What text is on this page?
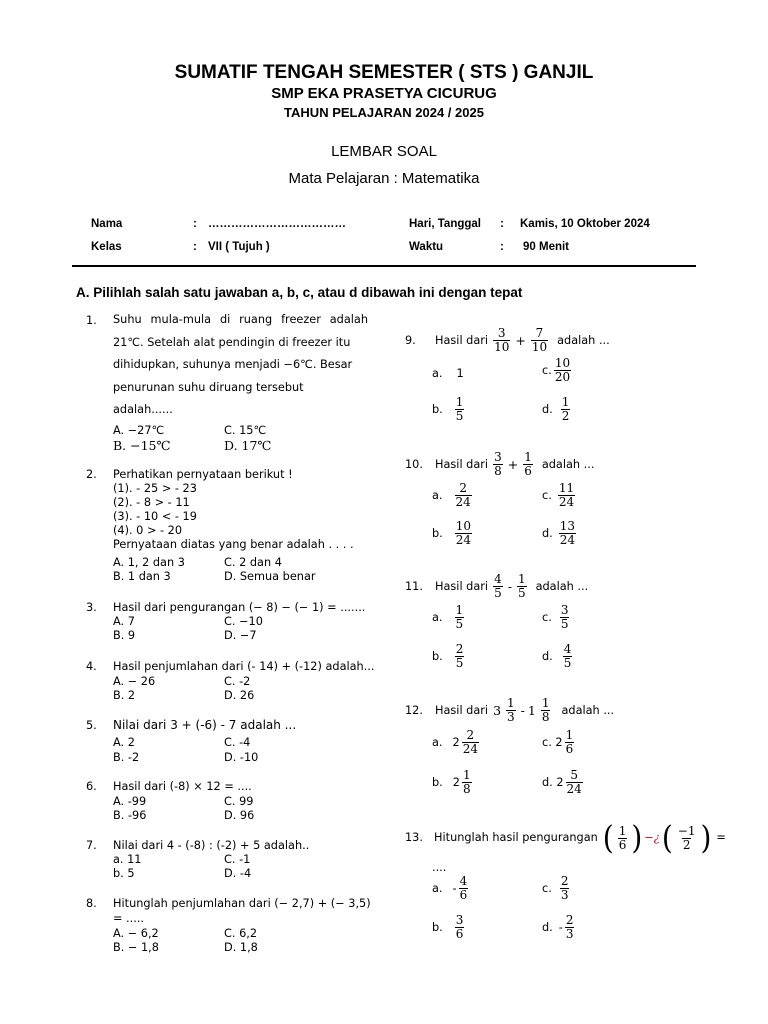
SUMATIF TENGAH SEMESTER ( STS ) GANJIL
SMP EKA PRASETYA CICURUG
TAHUN PELAJARAN 2024 / 2025
LEMBAR SOAL
Mata Pelajaran : Matematika
Nama	: ………………………………
Kelas	: VII ( Tujuh )
Hari, Tanggal : Kamis, 10 Oktober 2024
Waktu	: 90 Menit
A. Pilihlah salah satu jawaban a, b, c, atau d dibawah ini dengan tepat
1. Suhu mula-mula di ruang freezer adalah
21℃. Setelah alat pendingin di freezer itu
dihidupkan, suhunya menjadi −6℃. Besar
penurunan suhu diruang tersebut
adalah......
A. −27℃	C. 15℃
B. −15℃	D. 17℃
2. Perhatikan pernyataan berikut !
(1). - 25 > - 23
(2). - 8 > - 11
(3). - 10 < - 19
(4). 0 > - 20
Pernyataan diatas yang benar adalah . . . .
A. 1, 2 dan 3	C. 2 dan 4
B. 1 dan 3	D. Semua benar
3. Hasil dari pengurangan (− 8) − (− 1) = .......
A. 7	C. −10
B. 9	D. −7
4. Hasil penjumlahan dari (- 14) + (-12) adalah...
A. − 26	C. -2
B. 2	D. 26
5. Nilai dari 3 + (-6) - 7 adalah ...
A. 2	C. -4
B. -2	D. -10
6. Hasil dari (-8) × 12 = ....
A. -99	C. 99
B. -96	D. 96
7. Nilai dari 4 - (-8) : (-2) + 5 adalah..
a. 11	C. -1
b. 5	D. -4
8. Hitunglah penjumlahan dari (− 2,7) + (− 3,5)
= .....
A. − 6,2	C. 6,2
B. − 1,8	D. 1,8
9.	Hasil dari $\frac{3}{10} + \frac{7}{10}$ adalah ...
a. 1	c. $\frac{10}{20}$
b. $\frac{1}{5}$	d. $\frac{1}{2}$
10.	Hasil dari $\frac{3}{8} + \frac{1}{6}$ adalah ...
a. $\frac{2}{24}$	c. $\frac{11}{24}$
b. $\frac{10}{24}$	d. $\frac{13}{24}$
11.	Hasil dari $\frac{4}{5} - \frac{1}{5}$ adalah ...
a. $\frac{1}{5}$	c. $\frac{3}{5}$
b. $\frac{2}{5}$	d. $\frac{4}{5}$
12.	Hasil dari $3 \frac{1}{3} - 1 \frac{1}{8}$ adalah ...
a. $2 \frac{2}{24}$	c. $2 \frac{1}{6}$
b. $2 \frac{1}{8}$	d. $2 \frac{5}{24}$
13. Hitunglah hasil pengurangan ( $\frac{1}{6}$ ) −¿ ( $\frac{-1}{2}$ ) =
....
a. - $\frac{4}{6}$	c. $\frac{2}{3}$
b. $\frac{3}{6}$	d. - $\frac{2}{3}$
